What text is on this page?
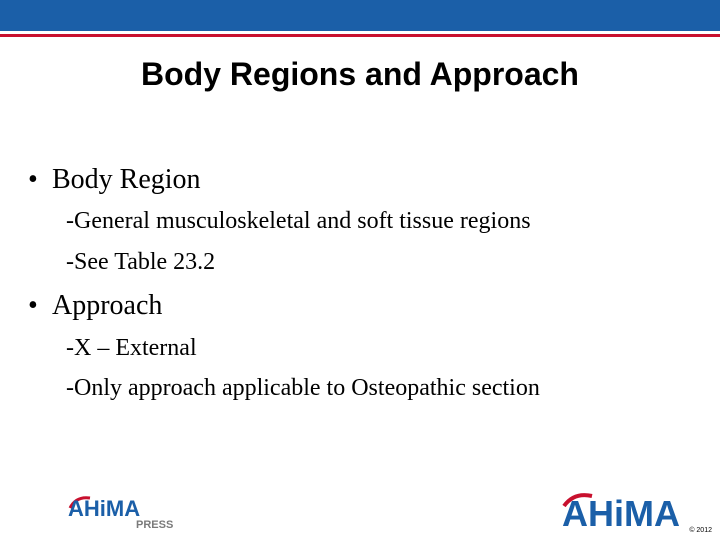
Body Regions and Approach
• Body Region
-General musculoskeletal and soft tissue regions
-See Table 23.2
• Approach
-X – External
-Only approach applicable to Osteopathic section
AHiMA
PRESS	AHiMA © 2012
